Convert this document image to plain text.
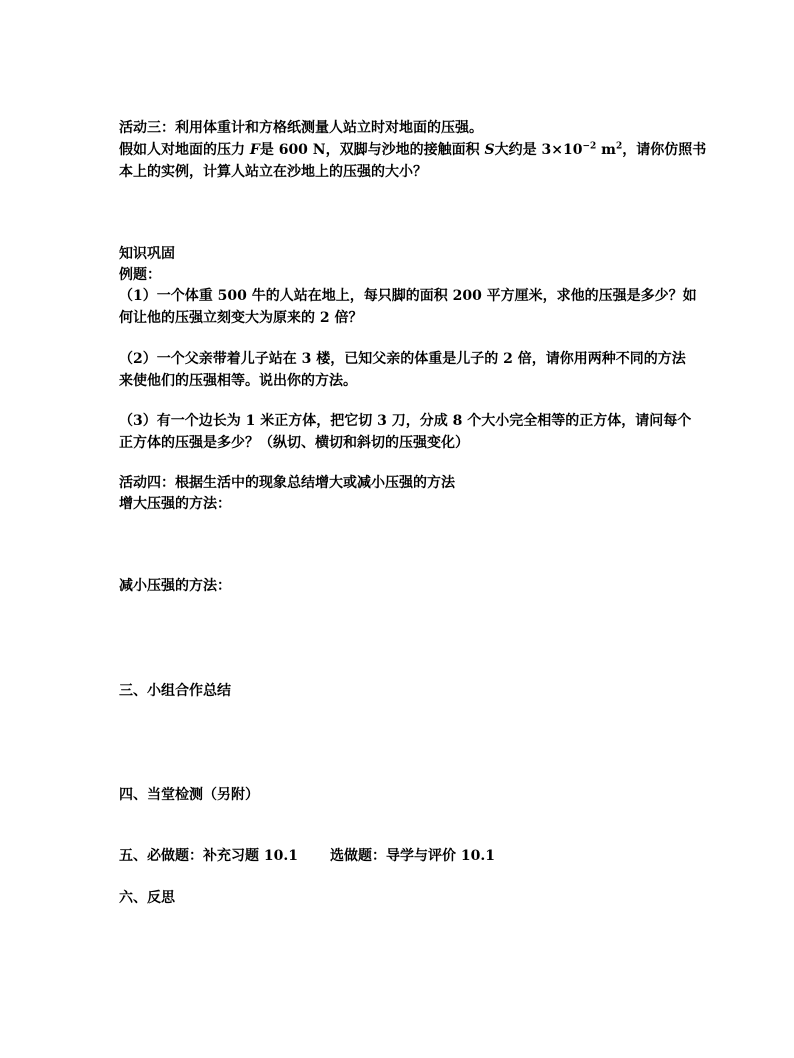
活动三：利用体重计和方格纸测量人站立时对地面的压强。

假如人对地面的压力 F是 600 N，双脚与沙地的接触面积 S大约是 $3\times 10^{-2}$ $m^2$，请你仿照书

本上的实例，计算人站立在沙地上的压强的大小？

知识巩固

例题：

（1）一个体重 500 牛的人站在地上，每只脚的面积 200 平方厘米，求他的压强是多少？如

何让他的压强立刻变大为原来的 2 倍？

（2）一个父亲带着儿子站在 3 楼，已知父亲的体重是儿子的 2 倍，请你用两种不同的方法

来使他们的压强相等。说出你的方法。

（3）有一个边长为 1 米正方体，把它切 3 刀，分成 8 个大小完全相等的正方体，请问每个

正方体的压强是多少？（纵切、横切和斜切的压强变化）

活动四：根据生活中的现象总结增大或减小压强的方法

增大压强的方法：

减小压强的方法：

三、小组合作总结

四、当堂检测（另附）

五、必做题：补充习题 10.1 选做题：导学与评价 10.1

六、反思
